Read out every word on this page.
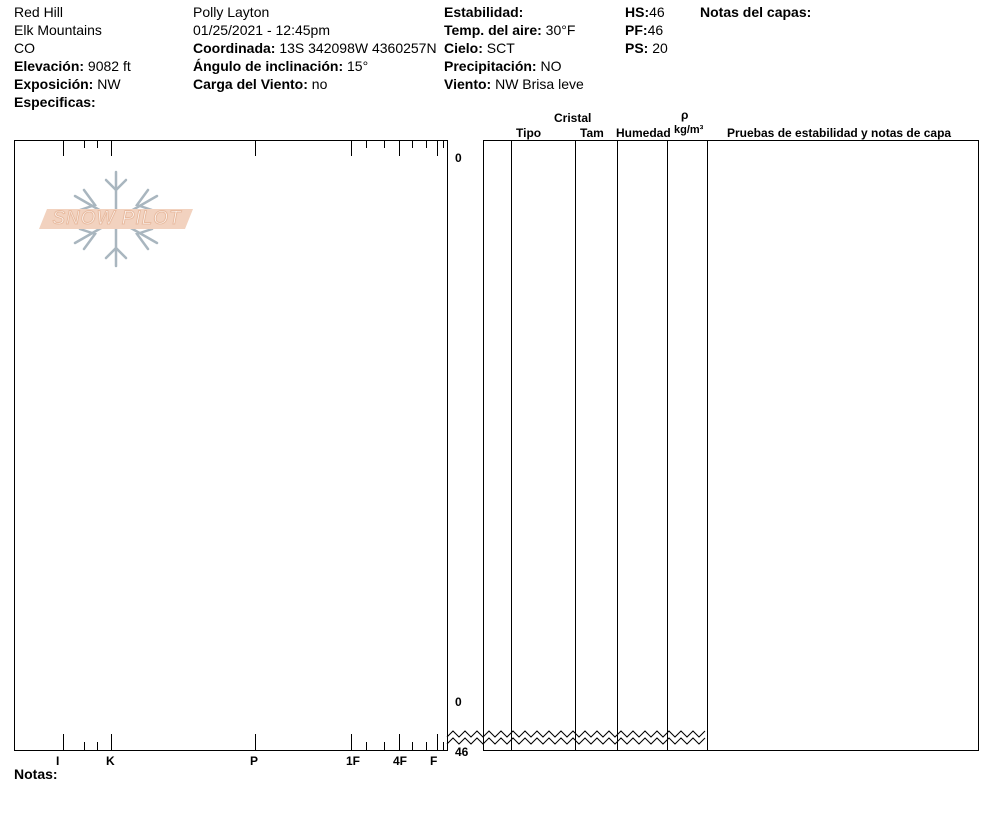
Red Hill
Elk Mountains
CO
Elevación: 9082 ft
Exposición: NW
Especificas:
Polly Layton
01/25/2021 - 12:45pm
Coordinada: 13S 342098W 4360257N
Ángulo de inclinación: 15°
Carga del Viento: no
Estabilidad:
Temp. del aire: 30°F
Cielo: SCT
Precipitación: NO
Viento: NW Brisa leve
HS:46
PF:46
PS: 20
Notas del capas:
SNOW PILOT
I	K	P	1F	4F F
0
0
46
Cristal
Tipo	Tam Humedad
ρ
kg/m³ Pruebas de estabilidad y notas de capa
Notas:
